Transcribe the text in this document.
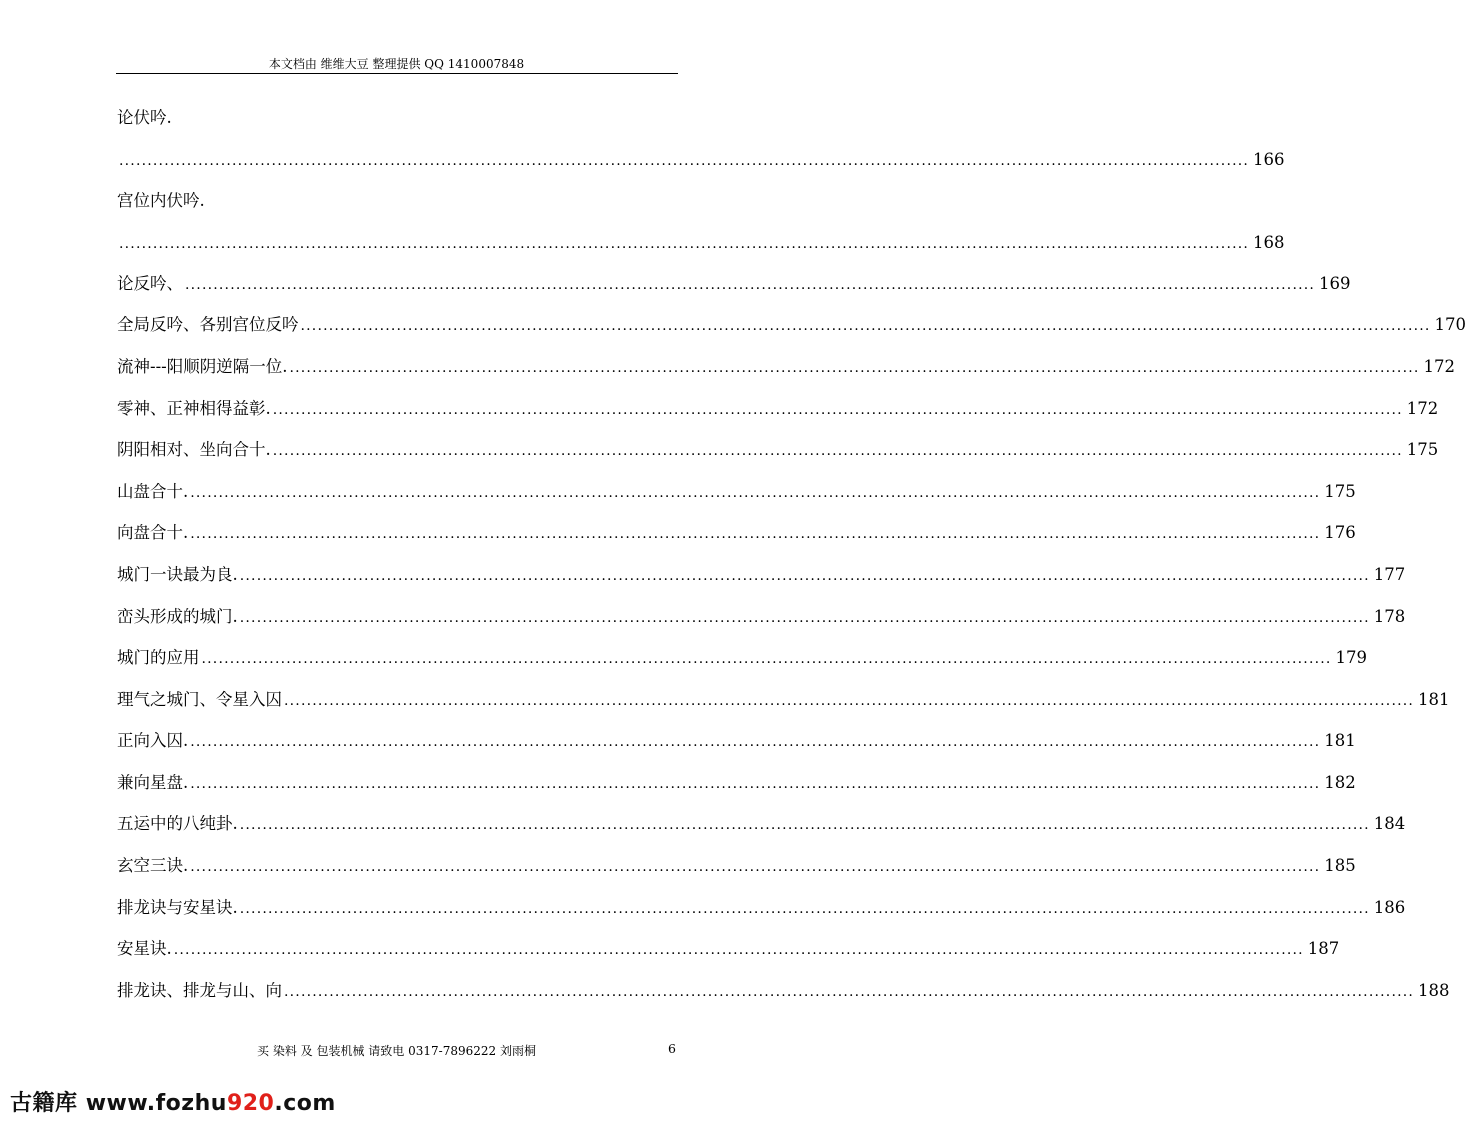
本文档由 维维大豆 整理提供 QQ 1410007848
论伏吟.
........................................................................................................................................................................................................ 166
宫位内伏吟.
........................................................................................................................................................................................................ 168
论反吟、 ........................................................................................................................................................................................................ 169
全局反吟、各别宫位反吟 ........................................................................................................................................................................................................ 170
流神---阳顺阴逆隔一位. ........................................................................................................................................................................................................ 172
零神、正神相得益彰. ........................................................................................................................................................................................................ 172
阴阳相对、坐向合十. ........................................................................................................................................................................................................ 175
山盘合十. ........................................................................................................................................................................................................ 175
向盘合十. ........................................................................................................................................................................................................ 176
城门一诀最为良. ........................................................................................................................................................................................................ 177
峦头形成的城门. ........................................................................................................................................................................................................ 178
城门的应用 ........................................................................................................................................................................................................ 179
理气之城门、令星入囚 ........................................................................................................................................................................................................ 181
正向入囚. ........................................................................................................................................................................................................ 181
兼向星盘. ........................................................................................................................................................................................................ 182
五运中的八纯卦. ........................................................................................................................................................................................................ 184
玄空三诀. ........................................................................................................................................................................................................ 185
排龙诀与安星诀. ........................................................................................................................................................................................................ 186
安星诀. ........................................................................................................................................................................................................ 187
排龙诀、排龙与山、向 ........................................................................................................................................................................................................ 188
买 染料 及 包装机械 请致电 0317-7896222 刘雨桐	6
古籍库 www.fozhu920.com
